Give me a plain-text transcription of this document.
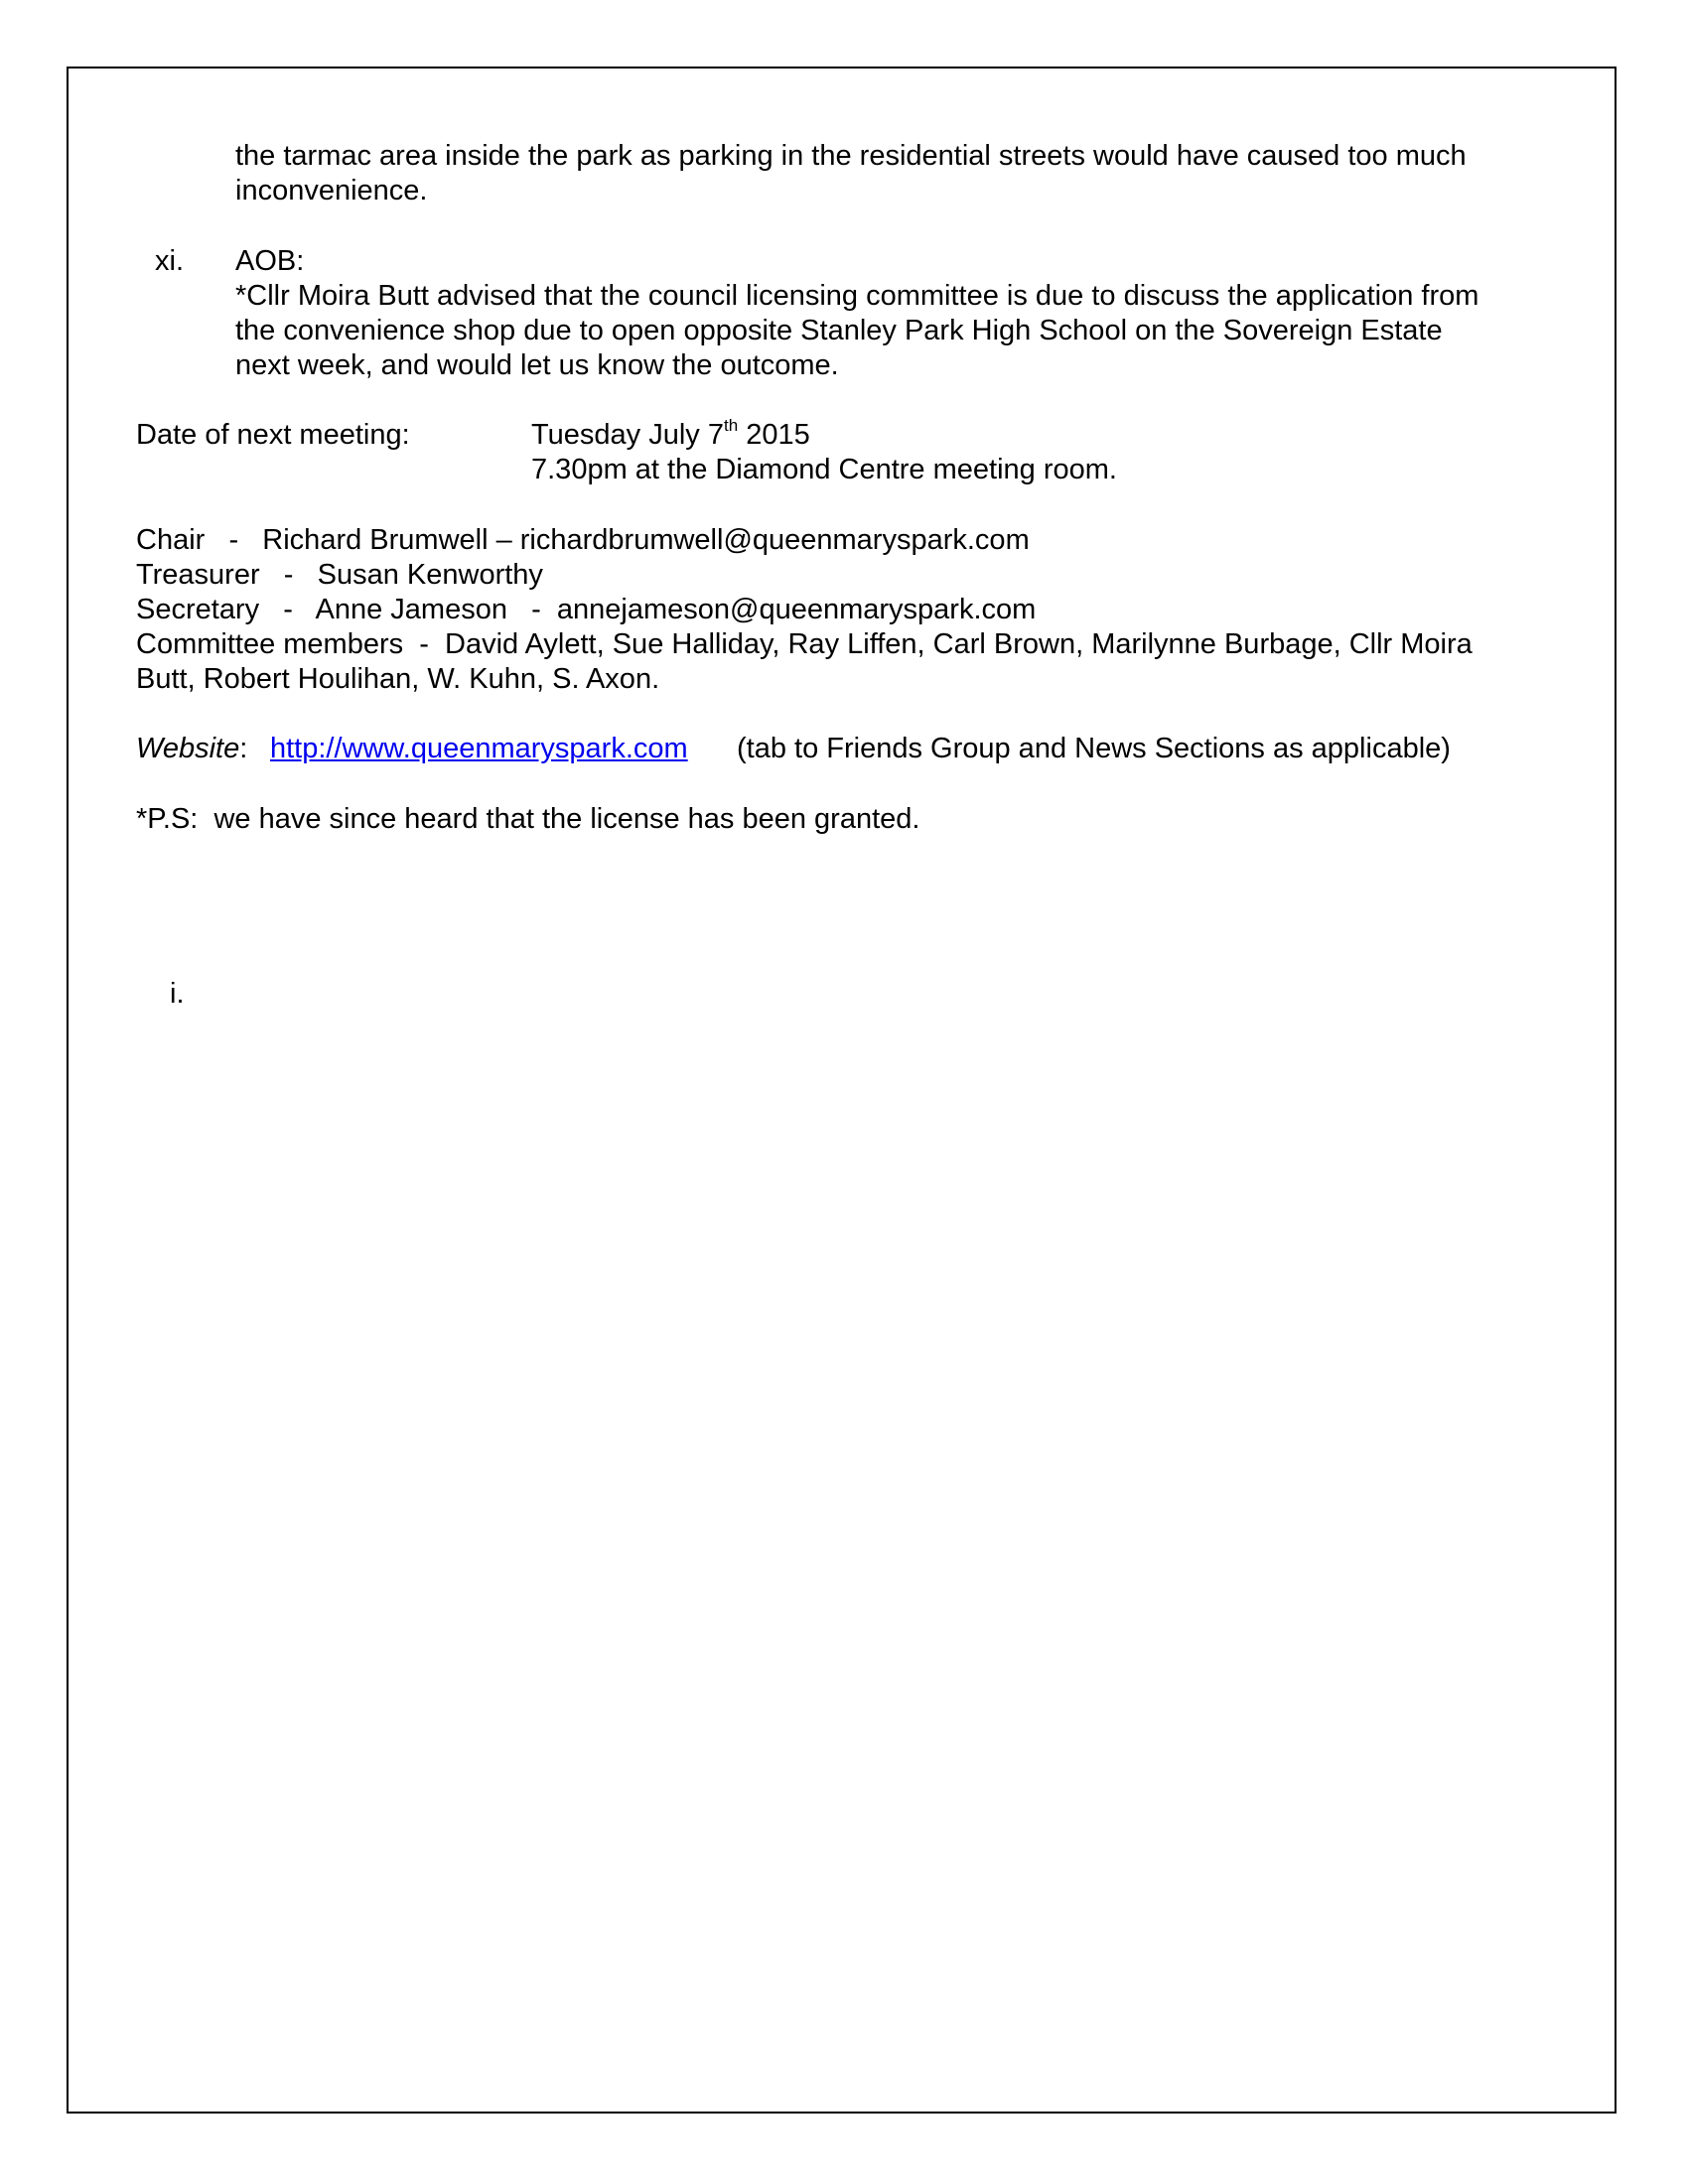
the tarmac area inside the park as parking in the residential streets would have caused too much
inconvenience.
xi. AOB:
*Cllr Moira Butt advised that the council licensing committee is due to discuss the application from
the convenience shop due to open opposite Stanley Park High School on the Sovereign Estate
next week, and would let us know the outcome.
Date of next meeting:	Tuesday July 7th 2015
7.30pm at the Diamond Centre meeting room.
Chair   -   Richard Brumwell – richardbrumwell@queenmaryspark.com
Treasurer   -   Susan Kenworthy
Secretary   -   Anne Jameson   -  annejameson@queenmaryspark.com
Committee members  -  David Aylett, Sue Halliday, Ray Liffen, Carl Brown, Marilynne Burbage, Cllr Moira
Butt, Robert Houlihan, W. Kuhn, S. Axon.
Website: http://www.queenmaryspark.com (tab to Friends Group and News Sections as applicable)
*P.S:  we have since heard that the license has been granted.
i.
